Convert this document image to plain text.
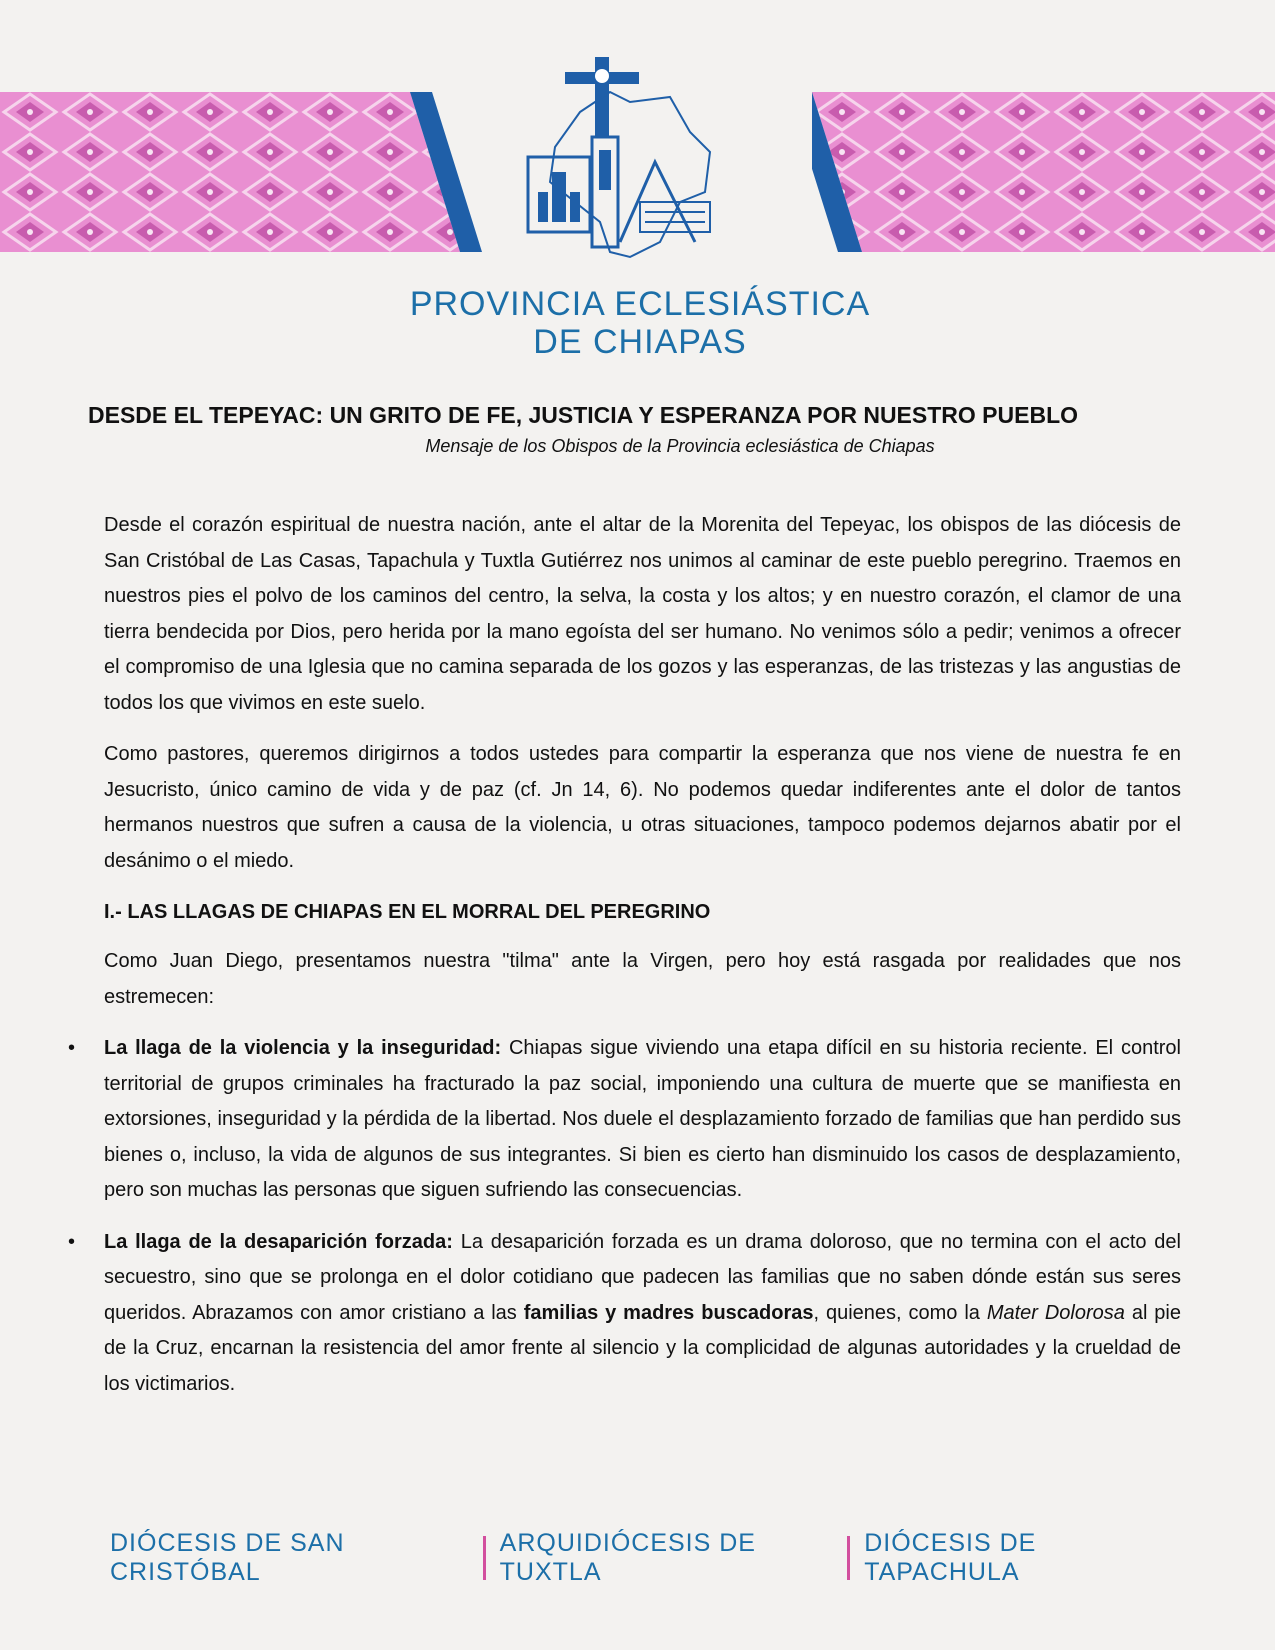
PROVINCIA ECLESIÁSTICA
DE CHIAPAS
DESDE EL TEPEYAC: UN GRITO DE FE, JUSTICIA Y ESPERANZA POR NUESTRO PUEBLO

Mensaje de los Obispos de la Provincia eclesiástica de Chiapas

Desde el corazón espiritual de nuestra nación, ante el altar de la Morenita del Tepeyac, los obispos de las diócesis de San Cristóbal de Las Casas, Tapachula y Tuxtla Gutiérrez nos unimos al caminar de este pueblo peregrino. Traemos en nuestros pies el polvo de los caminos del centro, la selva, la costa y los altos; y en nuestro corazón, el clamor de una tierra bendecida por Dios, pero herida por la mano egoísta del ser humano. No venimos sólo a pedir; venimos a ofrecer el compromiso de una Iglesia que no camina separada de los gozos y las esperanzas, de las tristezas y las angustias de todos los que vivimos en este suelo.

Como pastores, queremos dirigirnos a todos ustedes para compartir la esperanza que nos viene de nuestra fe en Jesucristo, único camino de vida y de paz (cf. Jn 14, 6). No podemos quedar indiferentes ante el dolor de tantos hermanos nuestros que sufren a causa de la violencia, u otras situaciones, tampoco podemos dejarnos abatir por el desánimo o el miedo.

I.- LAS LLAGAS DE CHIAPAS EN EL MORRAL DEL PEREGRINO

Como Juan Diego, presentamos nuestra "tilma" ante la Virgen, pero hoy está rasgada por realidades que nos estremecen:

• La llaga de la violencia y la inseguridad: Chiapas sigue viviendo una etapa difícil en su historia reciente. El control territorial de grupos criminales ha fracturado la paz social, imponiendo una cultura de muerte que se manifiesta en extorsiones, inseguridad y la pérdida de la libertad. Nos duele el desplazamiento forzado de familias que han perdido sus bienes o, incluso, la vida de algunos de sus integrantes. Si bien es cierto han disminuido los casos de desplazamiento, pero son muchas las personas que siguen sufriendo las consecuencias.

• La llaga de la desaparición forzada: La desaparición forzada es un drama doloroso, que no termina con el acto del secuestro, sino que se prolonga en el dolor cotidiano que padecen las familias que no saben dónde están sus seres queridos. Abrazamos con amor cristiano a las familias y madres buscadoras, quienes, como la Mater Dolorosa al pie de la Cruz, encarnan la resistencia del amor frente al silencio y la complicidad de algunas autoridades y la crueldad de los victimarios.

DIÓCESIS DE SAN CRISTÓBAL
ARQUIDIÓCESIS DE TUXTLA
DIÓCESIS DE TAPACHULA
